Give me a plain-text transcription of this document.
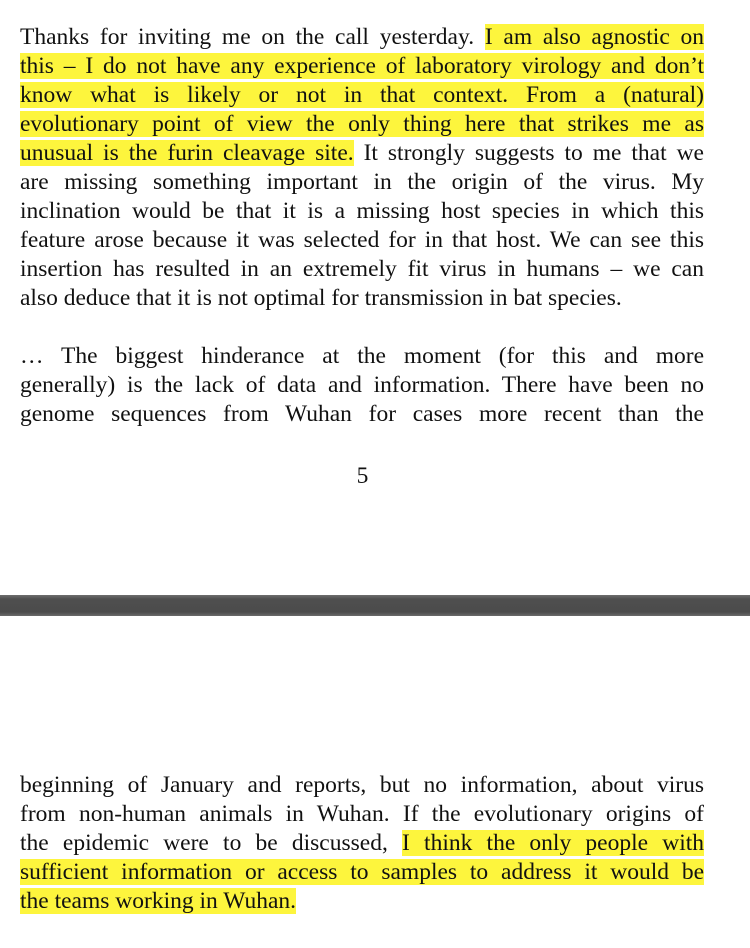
Thanks for inviting me on the call yesterday. I am also agnostic on
this – I do not have any experience of laboratory virology and don’t
know what is likely or not in that context. From a (natural)
evolutionary point of view the only thing here that strikes me as
unusual is the furin cleavage site. It strongly suggests to me that we
are missing something important in the origin of the virus. My
inclination would be that it is a missing host species in which this
feature arose because it was selected for in that host. We can see this
insertion has resulted in an extremely fit virus in humans – we can
also deduce that it is not optimal for transmission in bat species.
… The biggest hinderance at the moment (for this and more
generally) is the lack of data and information. There have been no
genome sequences from Wuhan for cases more recent than the
5
beginning of January and reports, but no information, about virus
from non-human animals in Wuhan. If the evolutionary origins of
the epidemic were to be discussed, I think the only people with
sufficient information or access to samples to address it would be
the teams working in Wuhan.
